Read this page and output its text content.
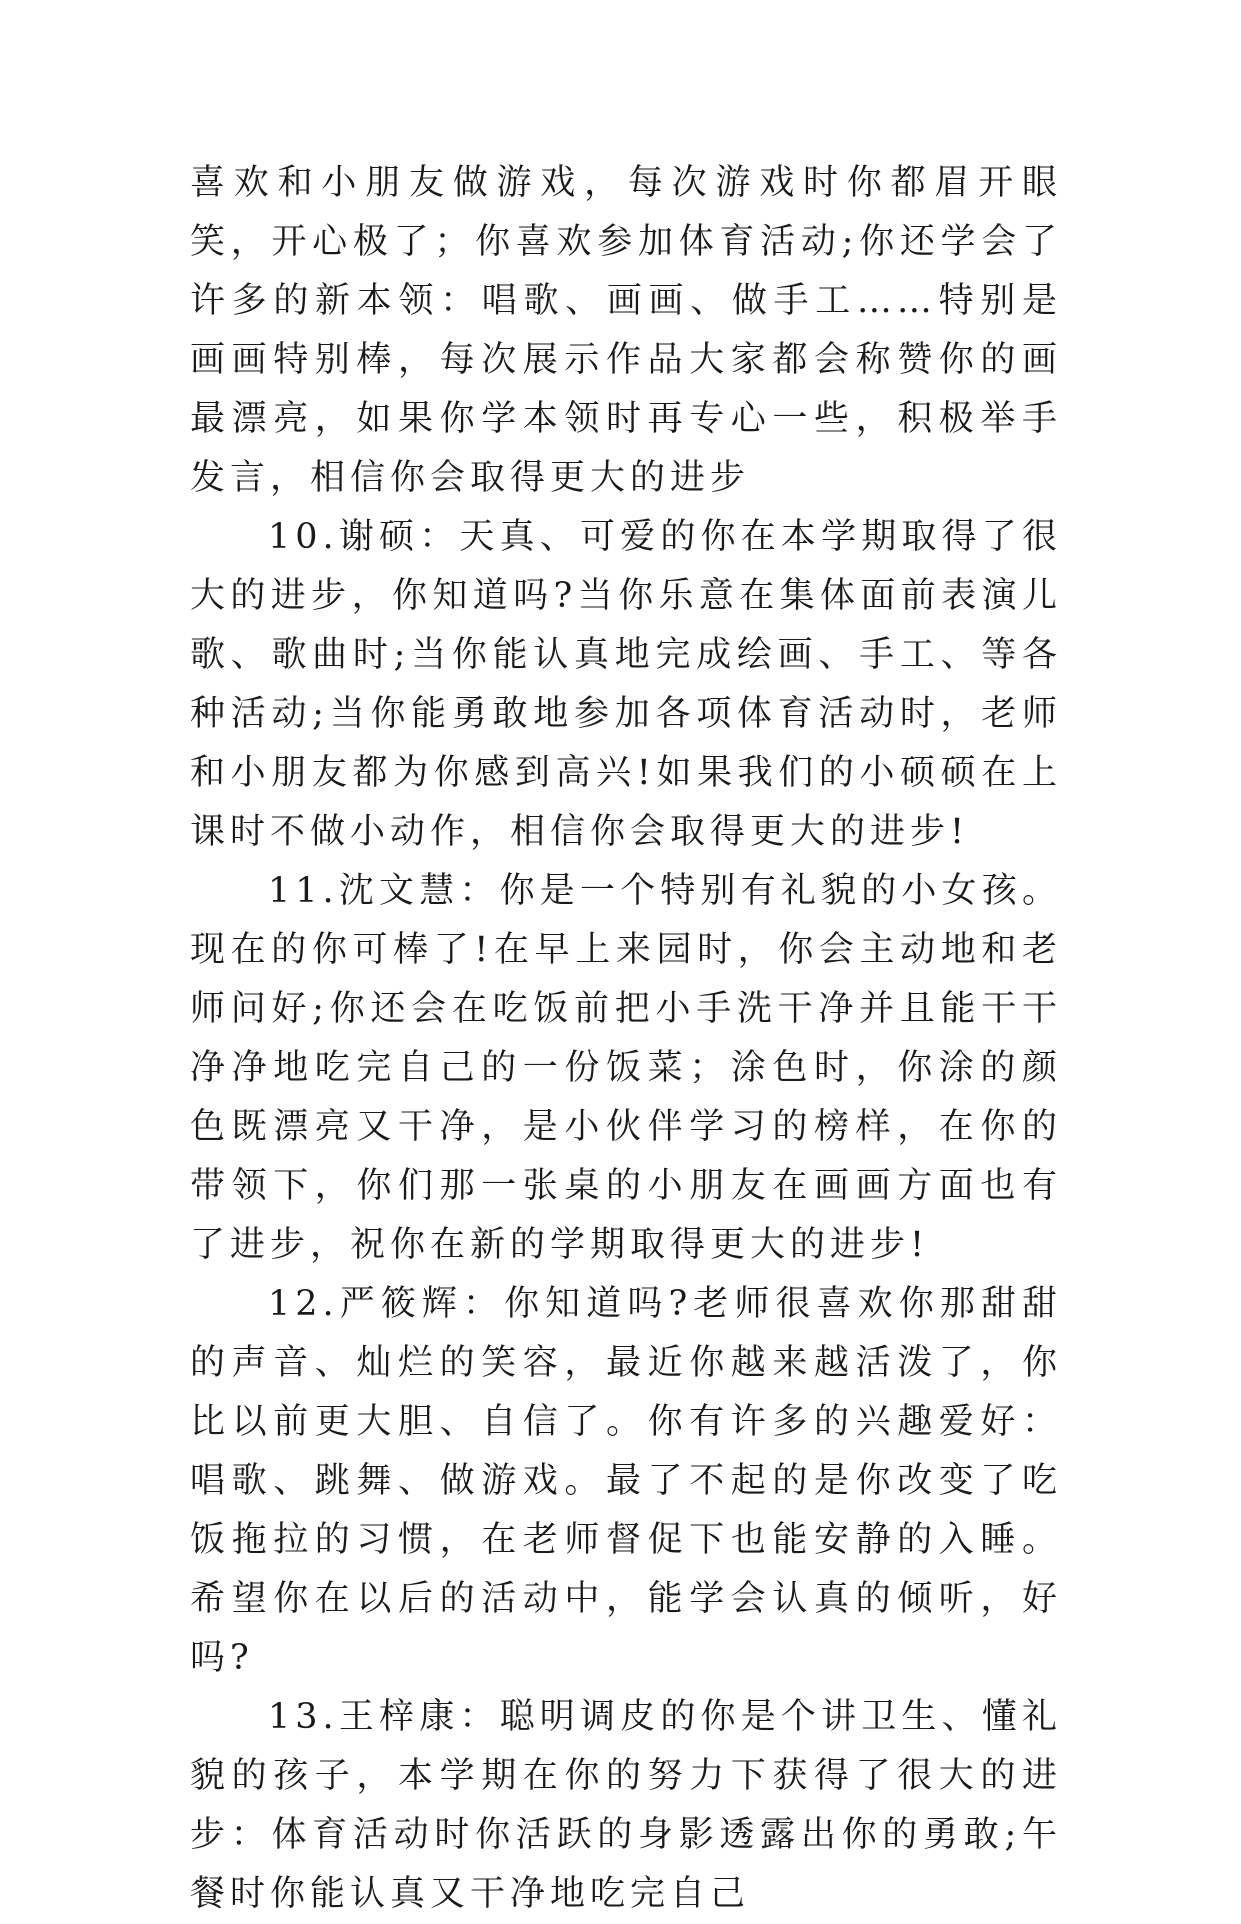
喜欢和小朋友做游戏，每次游戏时你都眉开眼笑，开心极了；你喜欢参加体育活动;你还学会了许多的新本领：唱歌、画画、做手工……特别是画画特别棒，每次展示作品大家都会称赞你的画最漂亮，如果你学本领时再专心一些，积极举手发言，相信你会取得更大的进步

10.谢硕：天真、可爱的你在本学期取得了很大的进步，你知道吗?当你乐意在集体面前表演儿歌、歌曲时;当你能认真地完成绘画、手工、等各种活动;当你能勇敢地参加各项体育活动时，老师和小朋友都为你感到高兴!如果我们的小硕硕在上课时不做小动作，相信你会取得更大的进步!

11.沈文慧：你是一个特别有礼貌的小女孩。现在的你可棒了!在早上来园时，你会主动地和老师问好;你还会在吃饭前把小手洗干净并且能干干净净地吃完自己的一份饭菜；涂色时，你涂的颜色既漂亮又干净，是小伙伴学习的榜样，在你的带领下，你们那一张桌的小朋友在画画方面也有了进步，祝你在新的学期取得更大的进步!

12.严筱辉：你知道吗?老师很喜欢你那甜甜的声音、灿烂的笑容，最近你越来越活泼了，你比以前更大胆、自信了。你有许多的兴趣爱好：唱歌、跳舞、做游戏。最了不起的是你改变了吃饭拖拉的习惯，在老师督促下也能安静的入睡。希望你在以后的活动中，能学会认真的倾听，好吗?

13.王梓康：聪明调皮的你是个讲卫生、懂礼貌的孩子，本学期在你的努力下获得了很大的进步：体育活动时你活跃的身影透露出你的勇敢;午餐时你能认真又干净地吃完自己
